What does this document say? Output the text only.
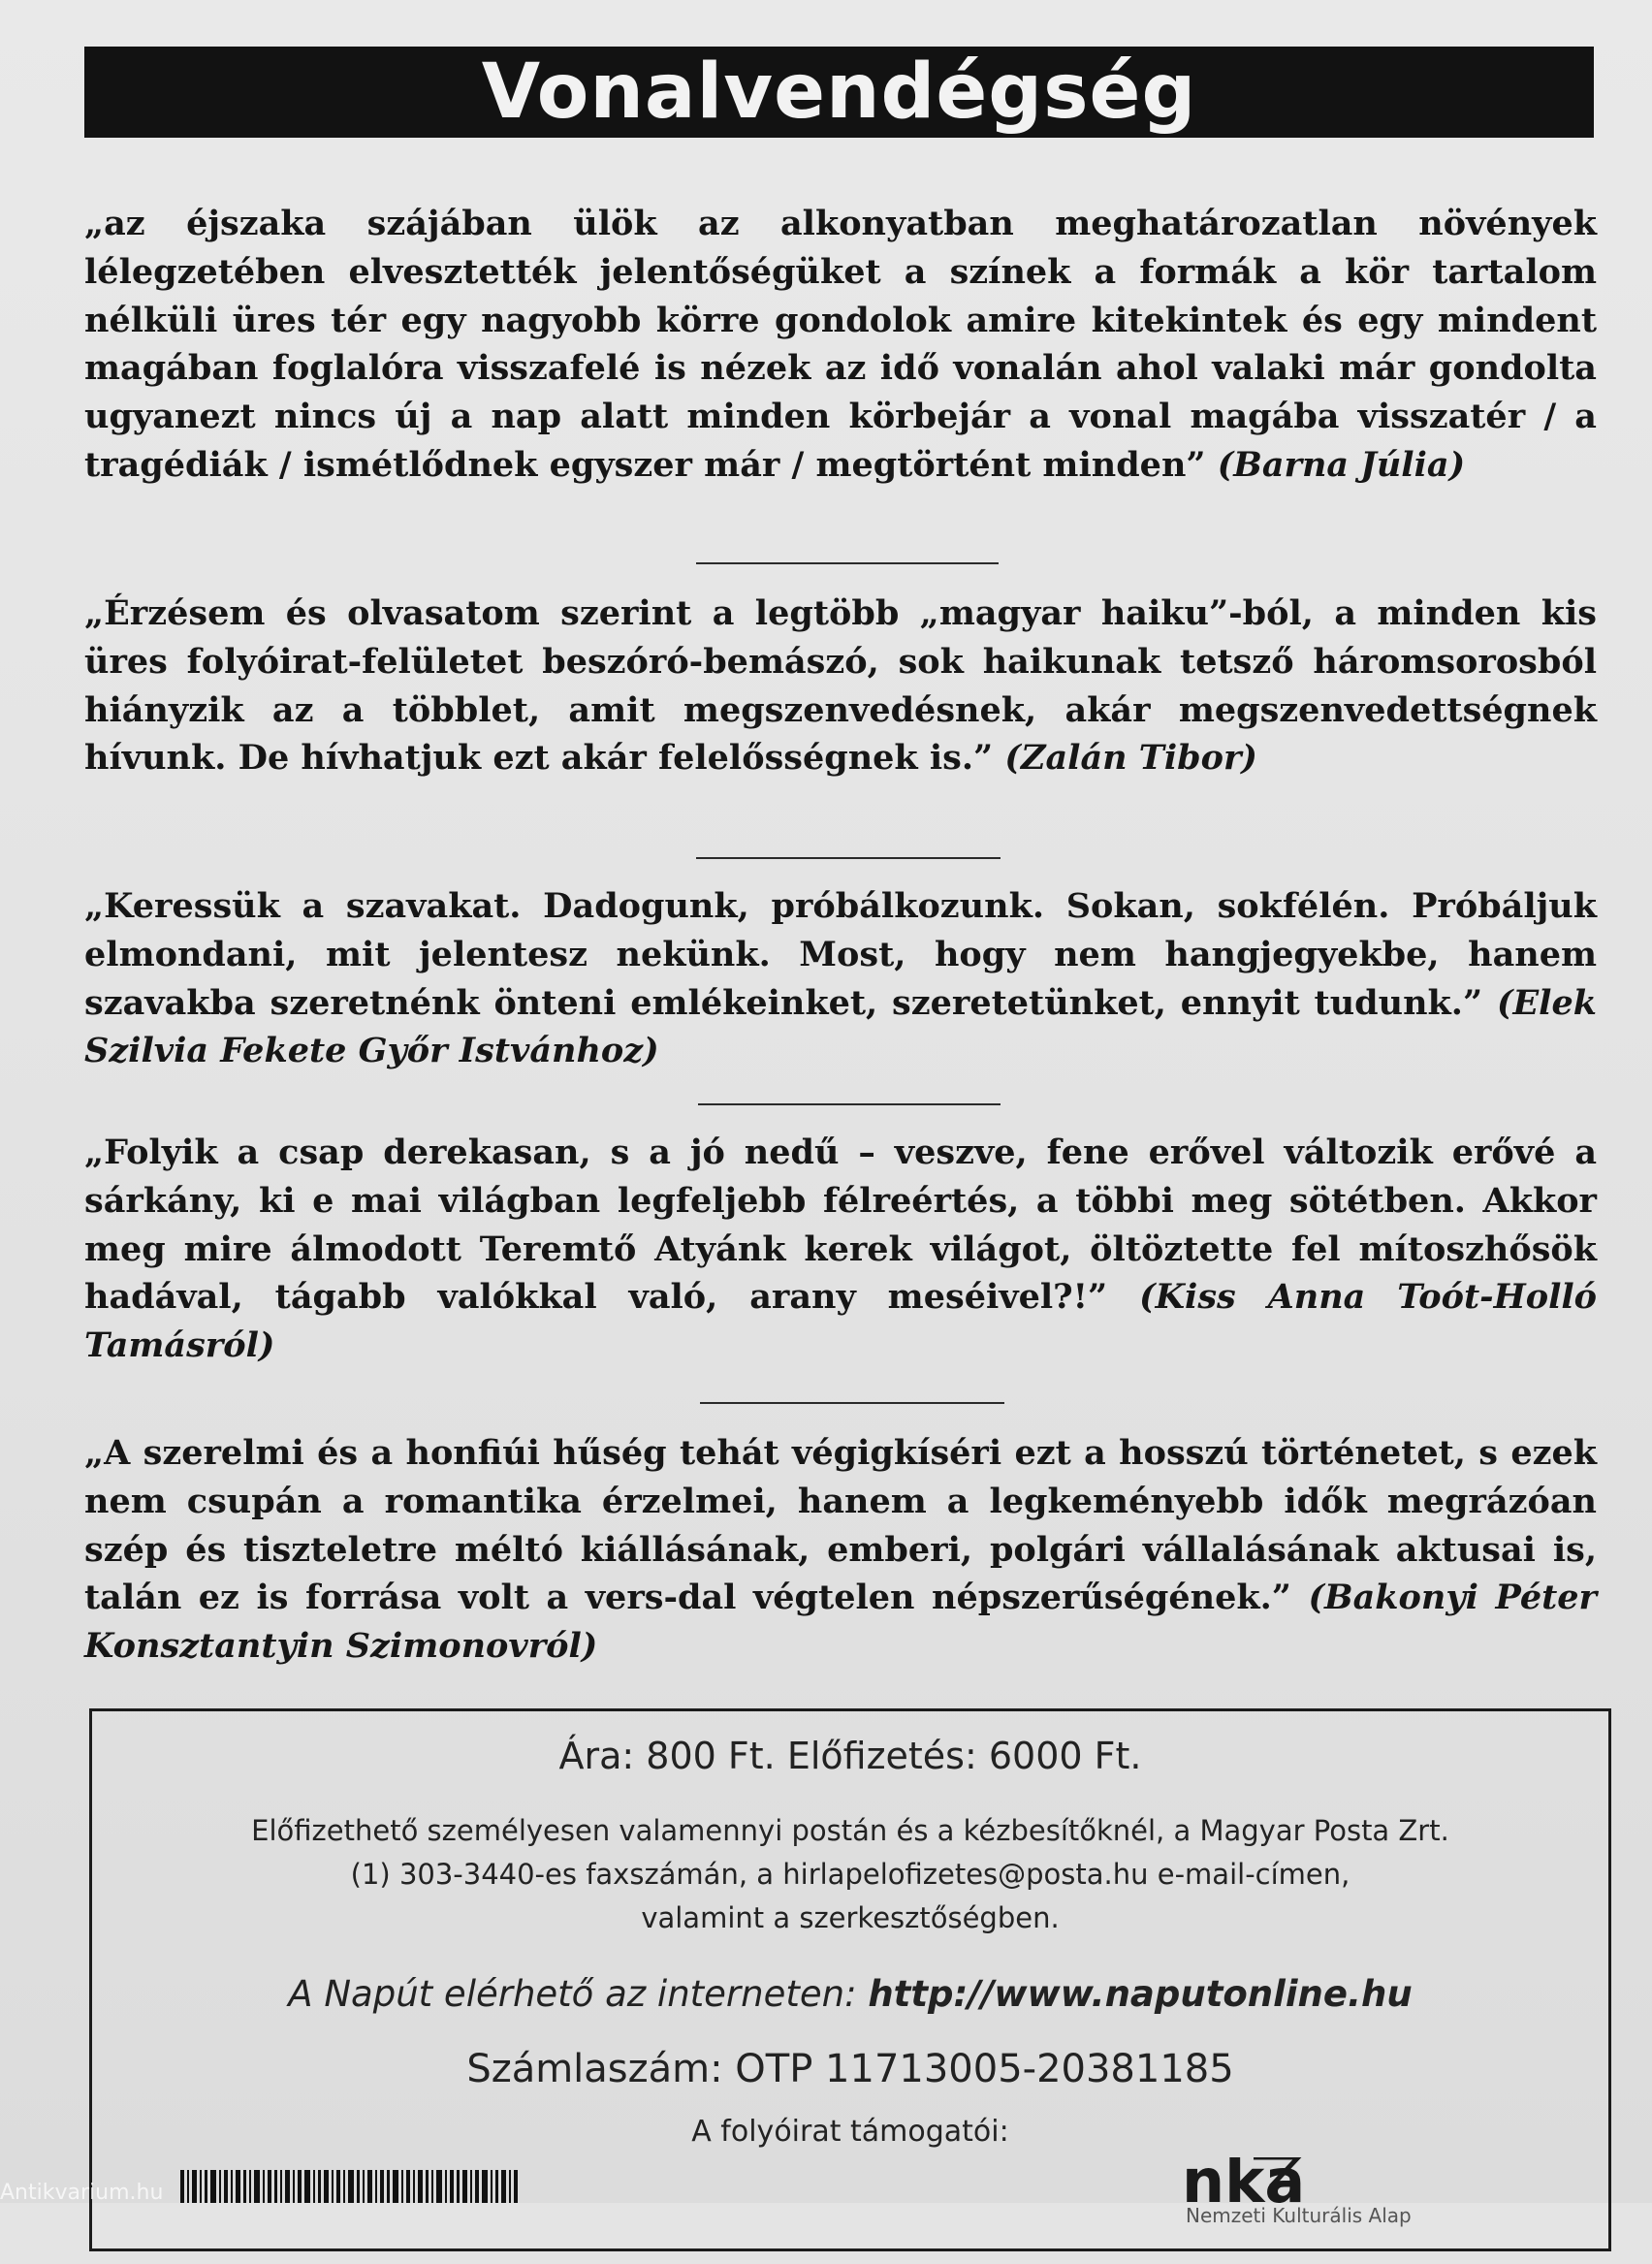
Vonalvendégség

„az éjszaka szájában ülök az alkonyatban meghatározatlan növények lélegzetében elvesztették jelentőségüket a színek a formák a kör tartalom nélküli üres tér egy nagyobb körre gondolok amire kitekintek és egy mindent magában foglalóra visszafelé is nézek az idő vonalán ahol valaki már gondolta ugyanezt nincs új a nap alatt minden körbejár a vonal magába visszatér / a tragédiák / ismétlődnek egyszer már / megtörtént minden” (Barna Júlia)

„Érzésem és olvasatom szerint a legtöbb „magyar haiku”-ból, a minden kis üres folyóirat-felületet beszóró-bemászó, sok haikunak tetsző háromsorosból hiányzik az a többlet, amit megszenvedésnek, akár megszenvedettségnek hívunk. De hívhatjuk ezt akár felelősségnek is.” (Zalán Tibor)

„Keressük a szavakat. Dadogunk, próbálkozunk. Sokan, sokfélén. Próbáljuk elmondani, mit jelentesz nekünk. Most, hogy nem hangjegyekbe, hanem szavakba szeretnénk önteni emlékeinket, szeretetünket, ennyit tudunk.” (Elek Szilvia Fekete Győr Istvánhoz)

„Folyik a csap derekasan, s a jó nedű – veszve, fene erővel változik erővé a sárkány, ki e mai világban legfeljebb félreértés, a többi meg sötétben. Akkor meg mire álmodott Teremtő Atyánk kerek világot, öltöztette fel mítoszhősök hadával, tágabb valókkal való, arany meséivel?!” (Kiss Anna Toót-Holló Tamásról)

„A szerelmi és a honfiúi hűség tehát végigkíséri ezt a hosszú történetet, s ezek nem csupán a romantika érzelmei, hanem a legkeményebb idők megrázóan szép és tiszteletre méltó kiállásának, emberi, polgári vállalásának aktusai is, talán ez is forrása volt a vers-dal végtelen népszerűségének.” (Bakonyi Péter Konsztantyin Szimonovról)

Ára: 800 Ft. Előfizetés: 6000 Ft.

Előfizethető személyesen valamennyi postán és a kézbesítőknél, a Magyar Posta Zrt.
(1) 303-3440-es faxszámán, a hirlapelofizetes@posta.hu e-mail-címen,
valamint a szerkesztőségben.

A Napút elérhető az interneten: http://www.naputonline.hu

Számlaszám: OTP 11713005-20381185

A folyóirat támogatói:

nka
Nemzeti Kulturális Alap
Antikvarium.hu
